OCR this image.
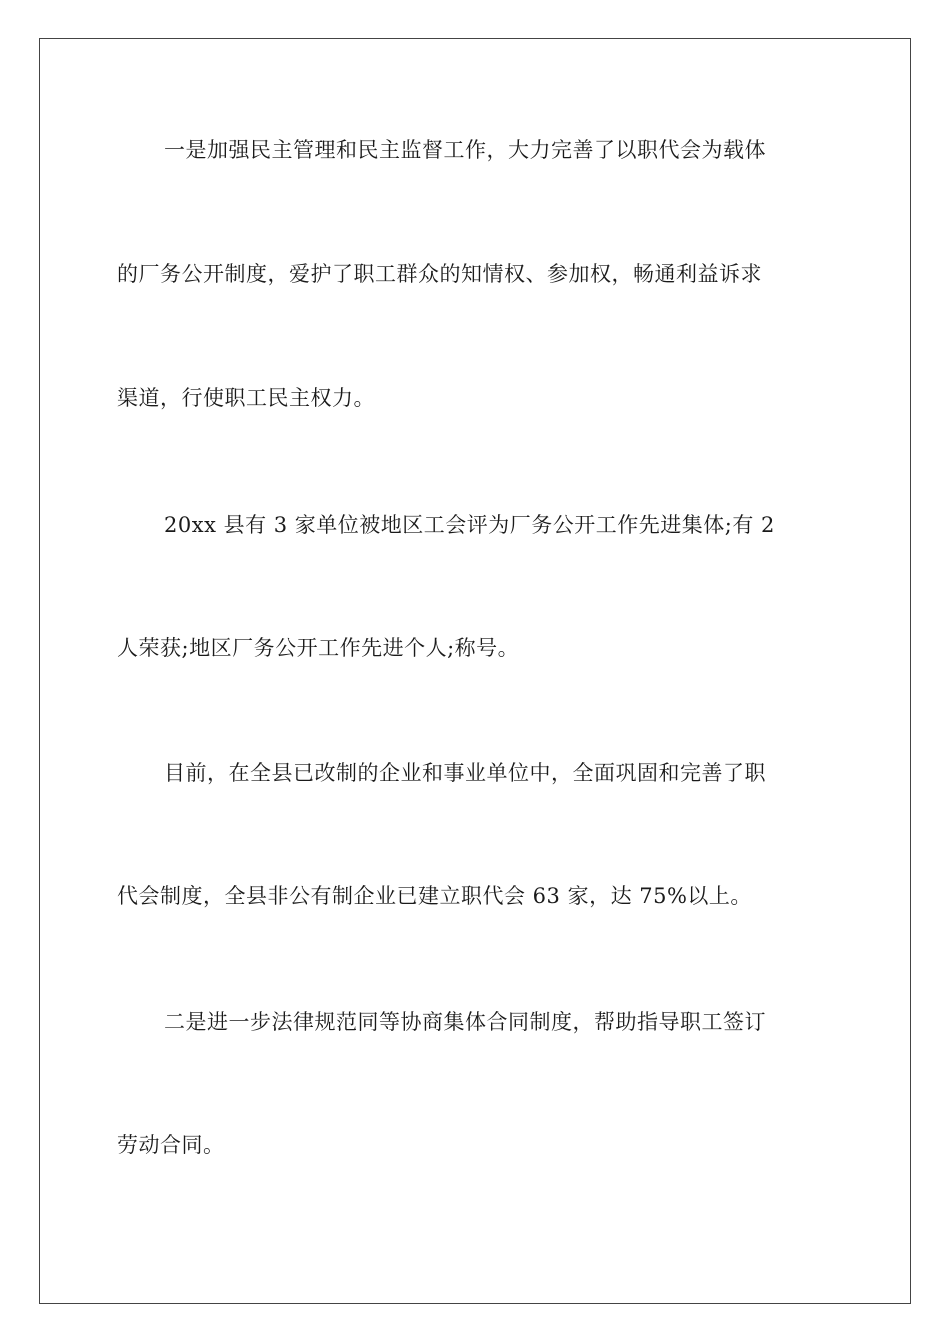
一是加强民主管理和民主监督工作，大力完善了以职代会为载体
的厂务公开制度，爱护了职工群众的知情权、参加权，畅通利益诉求
渠道，行使职工民主权力。
20xx 县有 3 家单位被地区工会评为厂务公开工作先进集体;有 2
人荣获;地区厂务公开工作先进个人;称号。
目前，在全县已改制的企业和事业单位中，全面巩固和完善了职
代会制度，全县非公有制企业已建立职代会 63 家，达 75%以上。
二是进一步法律规范同等协商集体合同制度，帮助指导职工签订
劳动合同。
